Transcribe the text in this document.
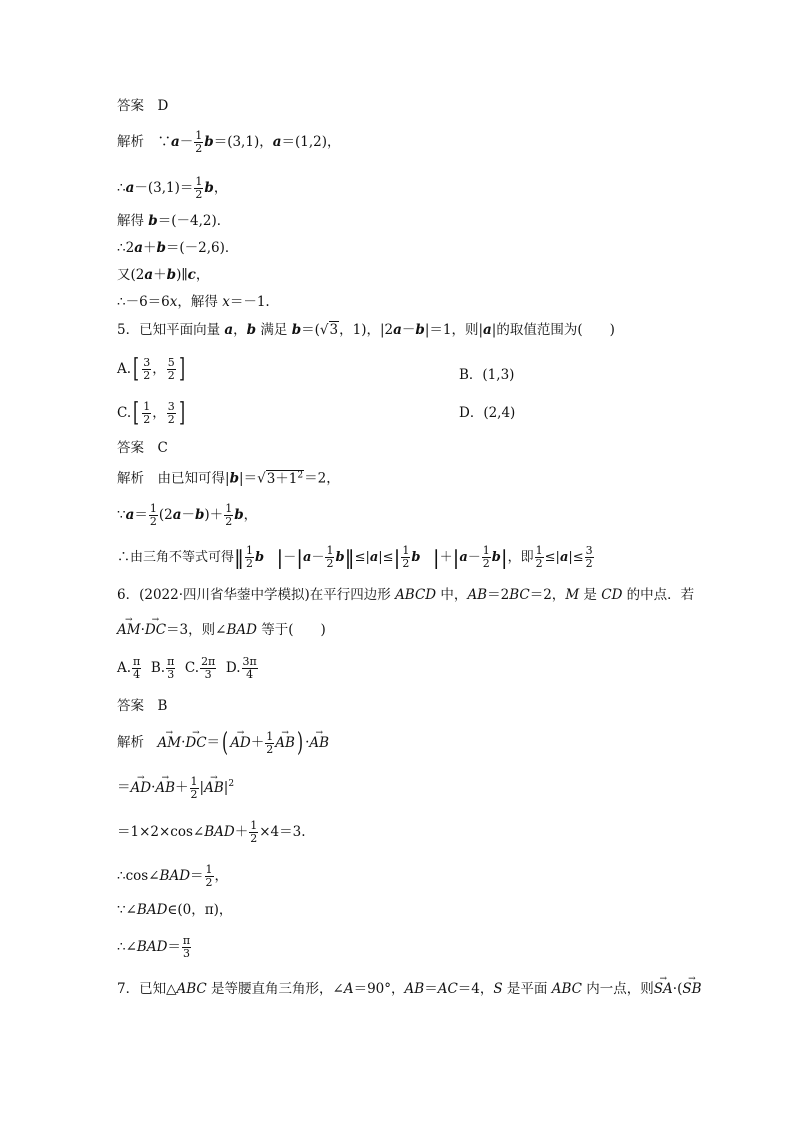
答案　D
解析　∵a－ $\frac{1}{2} b=(3,1)$，a＝(1,2)，
∴a－(3,1)＝ $\frac{1}{2}$ b，
解得 b＝(－4,2)．
∴2a＋b＝(－2,6)．
又(2a＋b)∥c，
∴－6＝6x，解得 x＝－1.
5．已知平面向量 a，b 满足 b＝(√3，1)，|2a－b|＝1，则|a|的取值范围为(　　)
$A.[ \frac{3}{2}$ ， $\frac{5}{2}$ ]	B．(1,3)
$C.[ \frac{1}{2}$ ， $\frac{3}{2}$ ]	D．(2,4)
答案　C
解析　由已知可得$|b|=√3+1^2=2$，
∵a＝ $\frac{1}{2} (2a-b)+ \frac{1}{2}$ b，
∴由三角不等式可得‖ $\frac{1}{2}$ b $|-|a- \frac{1}{2}$ b‖≤|a|≤| $\frac{1}{2}$ b $|+|a- \frac{1}{2} b|$，即 $\frac{1}{2} \le|a|\le \frac{3}{2}$
6．(2022·四川省华蓥中学模拟)在平行四边形 ABCD 中，AB＝2BC＝2，M 是 CD 的中点．若
→ AM·→ DC＝3，则∠BAD 等于(　　)
A. $\frac{\pi}{4} B$. $\frac{\pi}{3} C$. $\frac{2\pi}{3} D$. $\frac{3\pi}{4}$
答案　B
解析　→ $AM\cdot\to DC=(\to AD+ \frac{1}{2}$
→ AB) ·→ AB
＝→ $AD\cdot\to AB+ \frac{1}{2}$ |→ $AB|^2$
＝1×2×cos∠BAD＋ $\frac{1}{2} \times 4=3$.
∴cos∠BAD＝ $\frac{1}{2}$ ，
∵∠BAD∈(0，π)，
∴∠BAD＝ $\frac{\pi}{3}$
7．已知△ABC 是等腰直角三角形，∠A＝90°，AB＝AC＝4，S 是平面 ABC 内一点，则→ SA·(→ SB
